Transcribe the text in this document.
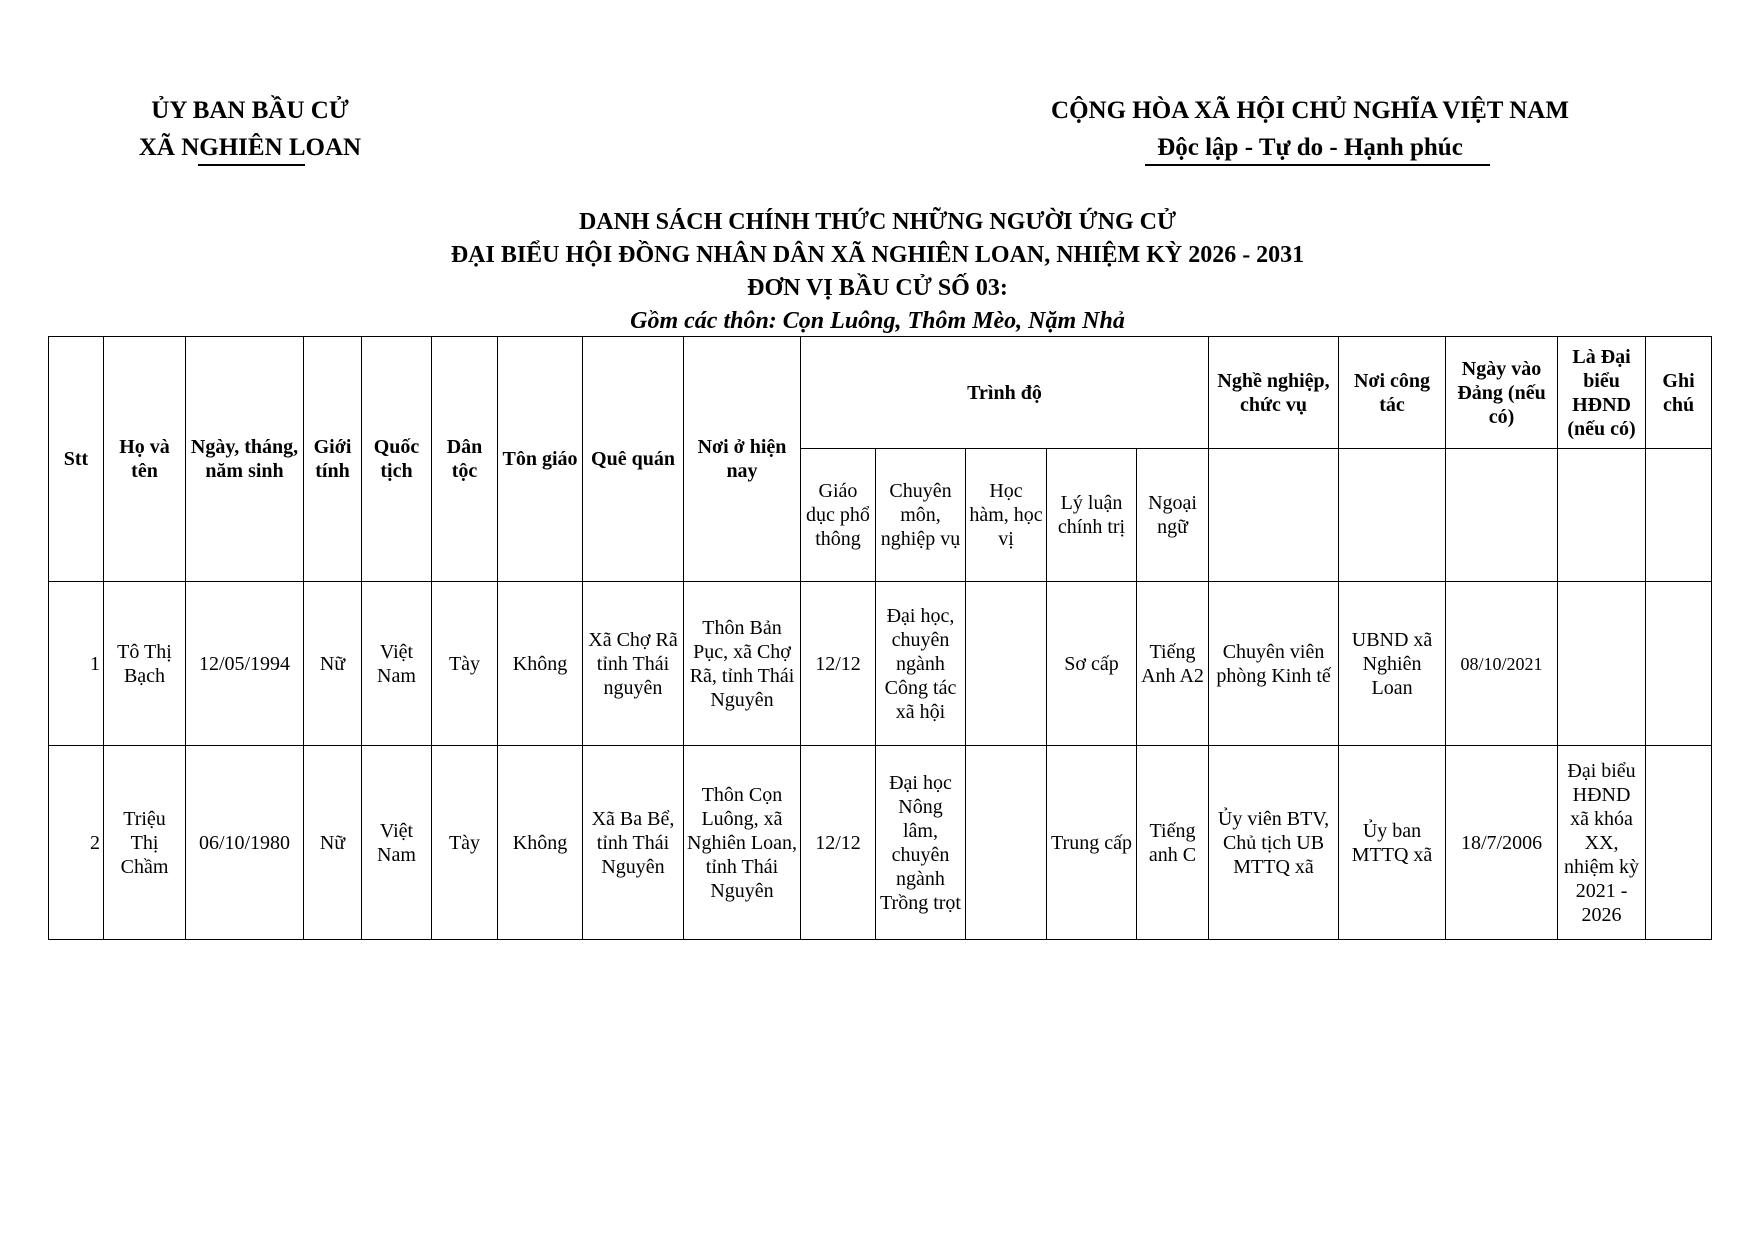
ỦY BAN BẦU CỬ
XÃ NGHIÊN LOAN
CỘNG HÒA XÃ HỘI CHỦ NGHĨA VIỆT NAM
Độc lập - Tự do - Hạnh phúc
DANH SÁCH CHÍNH THỨC NHỮNG NGƯỜI ỨNG CỬ
ĐẠI BIỂU HỘI ĐỒNG NHÂN DÂN XÃ NGHIÊN LOAN, NHIỆM KỲ 2026 - 2031
ĐƠN VỊ BẦU CỬ SỐ 03:
Gồm các thôn: Cọn Luông, Thôm Mèo, Nặm Nhả
Stt	Họ và tên	Ngày, tháng, năm sinh	Giới tính	Quốc tịch	Dân tộc	Tôn giáo	Quê quán	Nơi ở hiện nay	Trình độ					Nghề nghiệp, chức vụ	Nơi công tác	Ngày vào Đảng (nếu có)	Là Đại biểu HĐND (nếu có)	Ghi chú
									Giáo dục phổ thông	Chuyên môn, nghiệp vụ	Học hàm, học vị	Lý luận chính trị	Ngoại ngữ					
1	Tô Thị Bạch	12/05/1994	Nữ	Việt Nam	Tày	Không	Xã Chợ Rã tỉnh Thái nguyên	Thôn Bản Pục, xã Chợ Rã, tỉnh Thái Nguyên	12/12	Đại học, chuyên ngành Công tác xã hội		Sơ cấp	Tiếng Anh A2	Chuyên viên phòng Kinh tế	UBND xã Nghiên Loan	08/10/2021		
2	Triệu Thị Chầm	06/10/1980	Nữ	Việt Nam	Tày	Không	Xã Ba Bể, tỉnh Thái Nguyên	Thôn Cọn Luông, xã Nghiên Loan, tỉnh Thái Nguyên	12/12	Đại học Nông lâm, chuyên ngành Trồng trọt		Trung cấp	Tiếng anh C	Ủy viên BTV, Chủ tịch UB MTTQ xã	Ủy ban MTTQ xã	18/7/2006	Đại biểu HĐND xã khóa XX, nhiệm kỳ 2021 - 2026	
